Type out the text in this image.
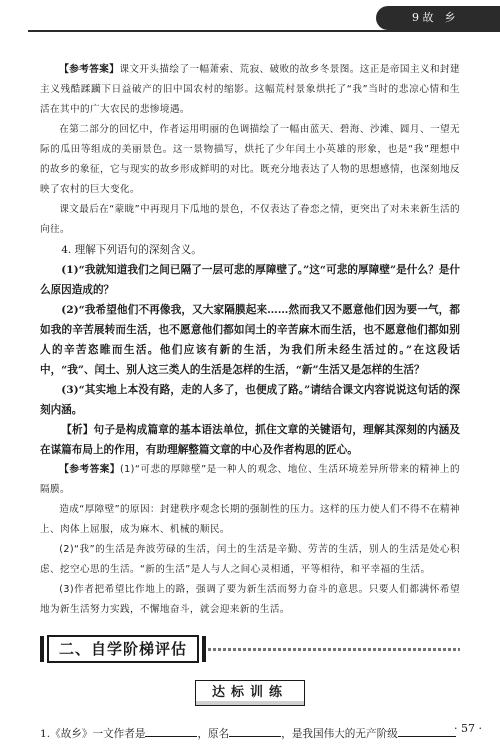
9 故　乡

【参考答案】课文开头描绘了一幅萧索、荒寂、破败的故乡冬景图。这正是帝国主义和封建主义残酷蹂躏下日益破产的旧中国农村的缩影。这幅荒村景象烘托了“我”当时的悲凉心情和生活在其中的广大农民的悲惨境遇。

在第二部分的回忆中，作者运用明丽的色调描绘了一幅由蓝天、碧海、沙滩、圆月、一望无际的瓜田等组成的美丽景色。这一景物描写，烘托了少年闰土小英雄的形象，也是“我”理想中的故乡的象征，它与现实的故乡形成鲜明的对比。既充分地表达了人物的思想感情，也深刻地反映了农村的巨大变化。

课文最后在“蒙眬”中再现月下瓜地的景色，不仅表达了眷恋之情，更突出了对未来新生活的向往。

4. 理解下列语句的深刻含义。

(1)“我就知道我们之间已隔了一层可悲的厚障壁了。”这“可悲的厚障壁”是什么？是什么原因造成的？

(2)“我希望他们不再像我，又大家隔膜起来……然而我又不愿意他们因为要一气，都如我的辛苦展转而生活，也不愿意他们都如闰土的辛苦麻木而生活，也不愿意他们都如别人的辛苦恣睢而生活。他们应该有新的生活，为我们所未经生活过的。”在这段话中，“我”、闰土、别人这三类人的生活是怎样的生活，“新”生活又是怎样的生活？

(3)“其实地上本没有路，走的人多了，也便成了路。”请结合课文内容说说这句话的深刻内涵。

【析】句子是构成篇章的基本语法单位，抓住文章的关键语句，理解其深刻的内涵及在谋篇布局上的作用，有助理解整篇文章的中心及作者构思的匠心。

【参考答案】(1)“可悲的厚障壁”是一种人的观念、地位、生活环境差异所带来的精神上的隔膜。

造成“厚障壁”的原因：封建秩序观念长期的强制性的压力。这样的压力使人们不得不在精神上、肉体上屈服，成为麻木、机械的顺民。

(2)“我”的生活是奔波劳碌的生活，闰土的生活是辛勤、劳苦的生活，别人的生活是处心积虑、挖空心思的生活。“新的生活”是人与人之间心灵相通，平等相待，和平幸福的生活。

(3)作者把希望比作地上的路，强调了要为新生活而努力奋斗的意思。只要人们都满怀希望地为新生活努力实践，不懈地奋斗，就会迎来新的生活。

二、自学阶梯评估
达标训练

1.《故乡》一文作者是	，原名	，是我国伟大的无产阶级	· 57 ·
